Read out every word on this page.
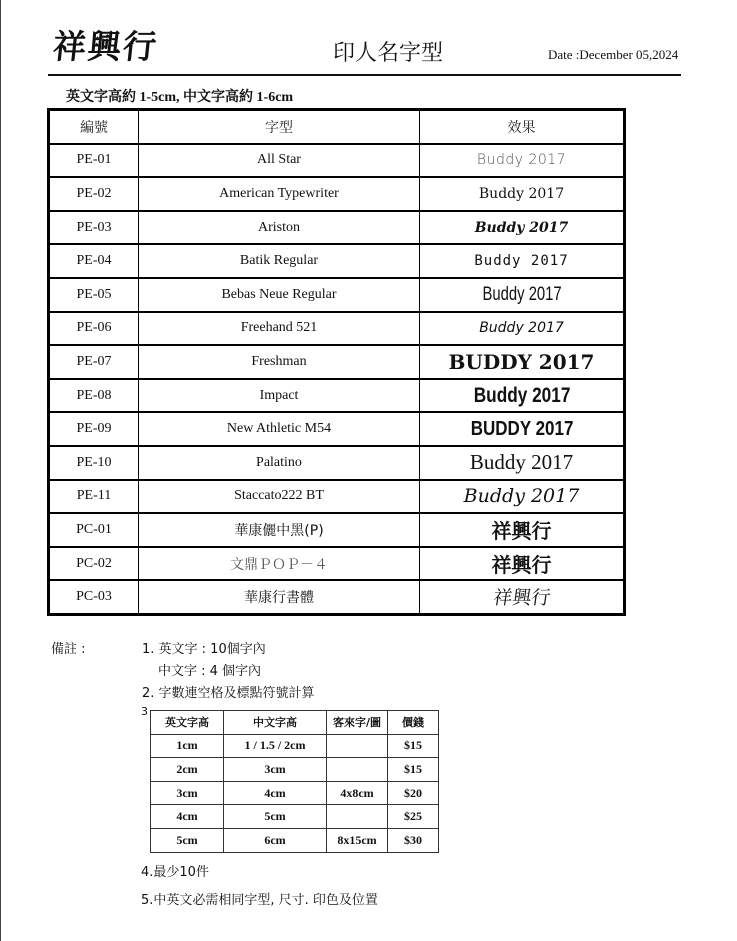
祥興行	印人名字型	Date :December 05,2024
英文字高約 1-5cm, 中文字高約 1-6cm
編號	字型	效果
PE-01	All Star	Buddy 2017
PE-02	American Typewriter	Buddy 2017
PE-03	Ariston	Buddy 2017
PE-04	Batik Regular	Buddy 2017
PE-05	Bebas Neue Regular	Buddy 2017
PE-06	Freehand 521	Buddy 2017
PE-07	Freshman	BUDDY 2017
PE-08	Impact	Buddy 2017
PE-09	New Athletic M54	BUDDY 2017
PE-10	Palatino	Buddy 2017
PE-11	Staccato222 BT	Buddy 2017
PC-01	華康儷中黑(P)	祥興行
PC-02	文鼎ＰＯＰ－４	祥興行
PC-03	華康行書體	祥興行
備註 :	1. 英文字 : 10個字內
中文字 : 4 個字內
2. 字數連空格及標點符號計算
3
英文字高	中文字高	客來字/圖	價錢
1cm	1 / 1.5 / 2cm		$15
2cm	3cm		$15
3cm	4cm	4x8cm	$20
4cm	5cm		$25
5cm	6cm	8x15cm	$30
4.最少10件
5.中英文必需相同字型, 尺寸. 印色及位置
